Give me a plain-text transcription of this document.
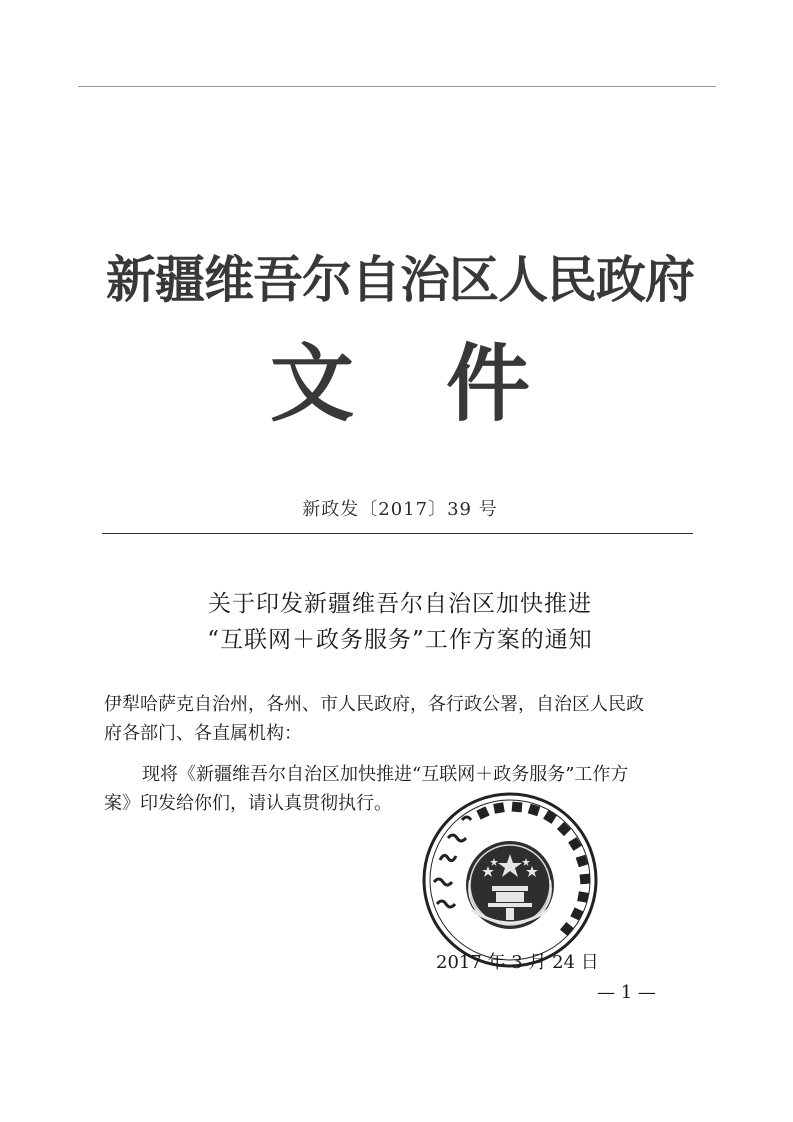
新疆维吾尔自治区人民政府
文 件
新政发〔2017〕39 号
关于印发新疆维吾尔自治区加快推进
“互联网＋政务服务”工作方案的通知
伊犁哈萨克自治州，各州、市人民政府，各行政公署，自治区人民政
府各部门、各直属机构：
现将《新疆维吾尔自治区加快推进“互联网＋政务服务”工作方
案》印发给你们，请认真贯彻执行。
2017 年 3 月 24 日
— 1 —
